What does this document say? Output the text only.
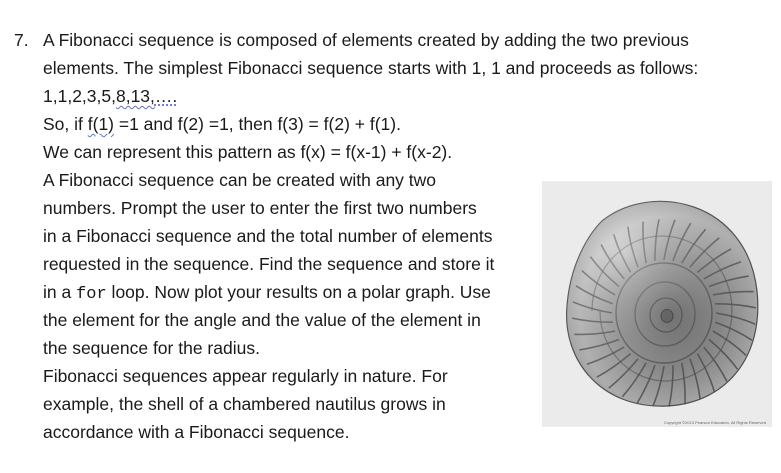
7. A Fibonacci sequence is composed of elements created by adding the two previous
elements. The simplest Fibonacci sequence starts with 1, 1 and proceeds as follows:
1,1,2,3,5,8,13,….
So, if f(1) =1 and f(2) =1, then f(3) = f(2) + f(1).
We can represent this pattern as f(x) = f(x-1) + f(x-2).
A Fibonacci sequence can be created with any two
numbers. Prompt the user to enter the first two numbers
in a Fibonacci sequence and the total number of elements
requested in the sequence. Find the sequence and store it
in a for loop. Now plot your results on a polar graph. Use
the element for the angle and the value of the element in
the sequence for the radius.
Fibonacci sequences appear regularly in nature. For
example, the shell of a chambered nautilus grows in
accordance with a Fibonacci sequence.	Copyright ©2013 Pearson Education, All Rights Reserved
